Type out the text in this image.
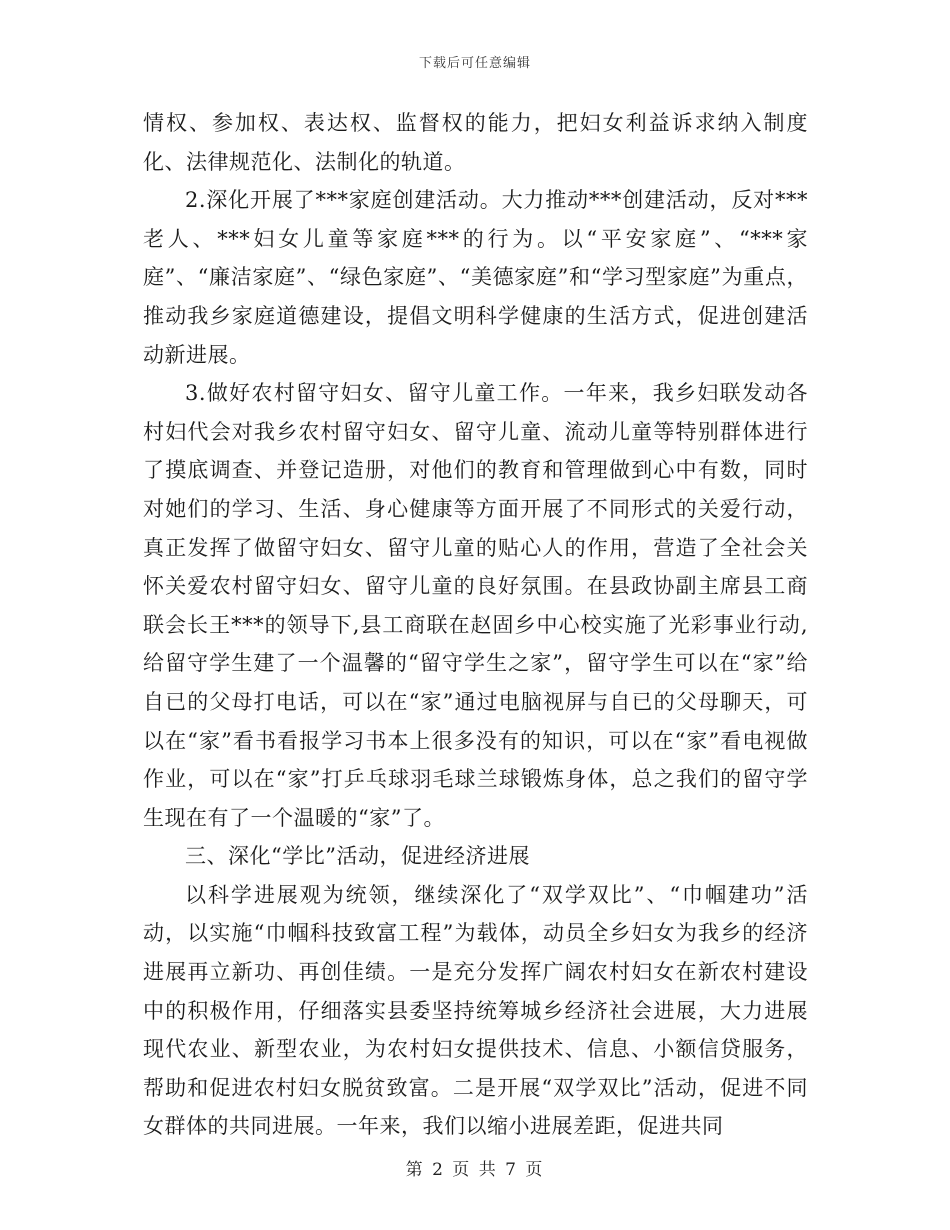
下载后可任意编辑

情权、参加权、表达权、监督权的能力，把妇女利益诉求纳入制度化、法律规范化、法制化的轨道。

2.深化开展了***家庭创建活动。大力推动***创建活动，反对***老人、***妇女儿童等家庭***的行为。以“平安家庭”、“***家庭”、“廉洁家庭”、“绿色家庭”、“美德家庭”和“学习型家庭”为重点，推动我乡家庭道德建设，提倡文明科学健康的生活方式，促进创建活动新进展。

3.做好农村留守妇女、留守儿童工作。一年来，我乡妇联发动各村妇代会对我乡农村留守妇女、留守儿童、流动儿童等特别群体进行了摸底调查、并登记造册，对他们的教育和管理做到心中有数，同时对她们的学习、生活、身心健康等方面开展了不同形式的关爱行动，真正发挥了做留守妇女、留守儿童的贴心人的作用，营造了全社会关怀关爱农村留守妇女、留守儿童的良好氛围。在县政协副主席县工商联会长王***的领导下,县工商联在赵固乡中心校实施了光彩事业行动,给留守学生建了一个温馨的“留守学生之家”，留守学生可以在“家”给自已的父母打电话，可以在“家”通过电脑视屏与自已的父母聊天，可以在“家”看书看报学习书本上很多没有的知识，可以在“家”看电视做作业，可以在“家”打乒乓球羽毛球兰球锻炼身体，总之我们的留守学生现在有了一个温暖的“家”了。

三、深化“学比”活动，促进经济进展

以科学进展观为统领，继续深化了“双学双比”、“巾帼建功”活动，以实施“巾帼科技致富工程”为载体，动员全乡妇女为我乡的经济进展再立新功、再创佳绩。一是充分发挥广阔农村妇女在新农村建设中的积极作用，仔细落实县委坚持统筹城乡经济社会进展，大力进展现代农业、新型农业，为农村妇女提供技术、信息、小额信贷服务，帮助和促进农村妇女脱贫致富。二是开展“双学双比”活动，促进不同女群体的共同进展。一年来，我们以缩小进展差距，促进共同

第 2 页 共 7 页
